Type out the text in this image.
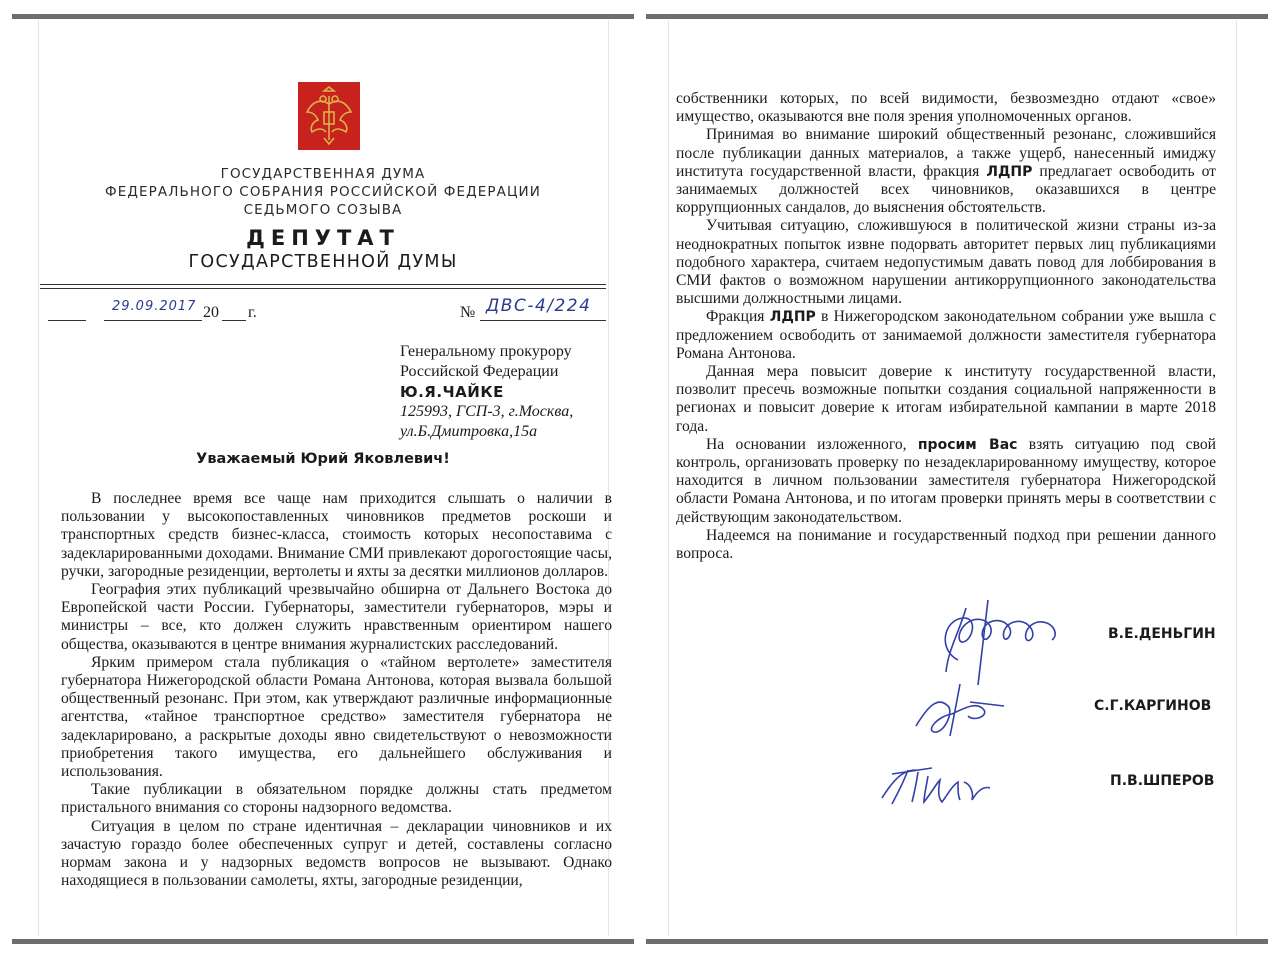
ГОСУДАРСТВЕННАЯ ДУМА
ФЕДЕРАЛЬНОГО СОБРАНИЯ РОССИЙСКОЙ ФЕДЕРАЦИИ
СЕДЬМОГО СОЗЫВА
ДЕПУТАТ
ГОСУДАРСТВЕННОЙ ДУМЫ
29.09.2017 20 г.	№ ДВС-4/224
Генеральному прокурору
Российской Федерации
Ю.Я.ЧАЙКЕ
125993, ГСП-3, г.Москва,
ул.Б.Дмитровка,15а
Уважаемый Юрий Яковлевич!

В последнее время все чаще нам приходится слышать о наличии в пользовании у высокопоставленных чиновников предметов роскоши и транспортных средств бизнес-класса, стоимость которых несопоставима с задекларированными доходами. Внимание СМИ привлекают дорогостоящие часы, ручки, загородные резиденции, вертолеты и яхты за десятки миллионов долларов.

География этих публикаций чрезвычайно обширна от Дальнего Востока до Европейской части России. Губернаторы, заместители губернаторов, мэры и министры – все, кто должен служить нравственным ориентиром нашего общества, оказываются в центре внимания журналистских расследований.

Ярким примером стала публикация о «тайном вертолете» заместителя губернатора Нижегородской области Романа Антонова, которая вызвала большой общественный резонанс. При этом, как утверждают различные информационные агентства, «тайное транспортное средство» заместителя губернатора не задекларировано, а раскрытые доходы явно свидетельствуют о невозможности приобретения такого имущества, его дальнейшего обслуживания и использования.

Такие публикации в обязательном порядке должны стать предметом пристального внимания со стороны надзорного ведомства.

Ситуация в целом по стране идентичная – декларации чиновников и их зачастую гораздо более обеспеченных супруг и детей, составлены согласно нормам закона и у надзорных ведомств вопросов не вызывают. Однако находящиеся в пользовании самолеты, яхты, загородные резиденции,

собственники которых, по всей видимости, безвозмездно отдают «свое» имущество, оказываются вне поля зрения уполномоченных органов.

Принимая во внимание широкий общественный резонанс, сложившийся после публикации данных материалов, а также ущерб, нанесенный имиджу института государственной власти, фракция ЛДПР предлагает освободить от занимаемых должностей всех чиновников, оказавшихся в центре коррупционных сандалов, до выяснения обстоятельств.

Учитывая ситуацию, сложившуюся в политической жизни страны из-за неоднократных попыток извне подорвать авторитет первых лиц публикациями подобного характера, считаем недопустимым давать повод для лоббирования в СМИ фактов о возможном нарушении антикоррупционного законодательства высшими должностными лицами.

Фракция ЛДПР в Нижегородском законодательном собрании уже вышла с предложением освободить от занимаемой должности заместителя губернатора Романа Антонова.

Данная мера повысит доверие к институту государственной власти, позволит пресечь возможные попытки создания социальной напряженности в регионах и повысит доверие к итогам избирательной кампании в марте 2018 года.

На основании изложенного, просим Вас взять ситуацию под свой контроль, организовать проверку по незадекларированному имуществу, которое находится в личном пользовании заместителя губернатора Нижегородской области Романа Антонова, и по итогам проверки принять меры в соответствии с действующим законодательством.

Надеемся на понимание и государственный подход при решении данного вопроса.

В.Е.ДЕНЬГИН
С.Г.КАРГИНОВ
П.В.ШПЕРОВ
